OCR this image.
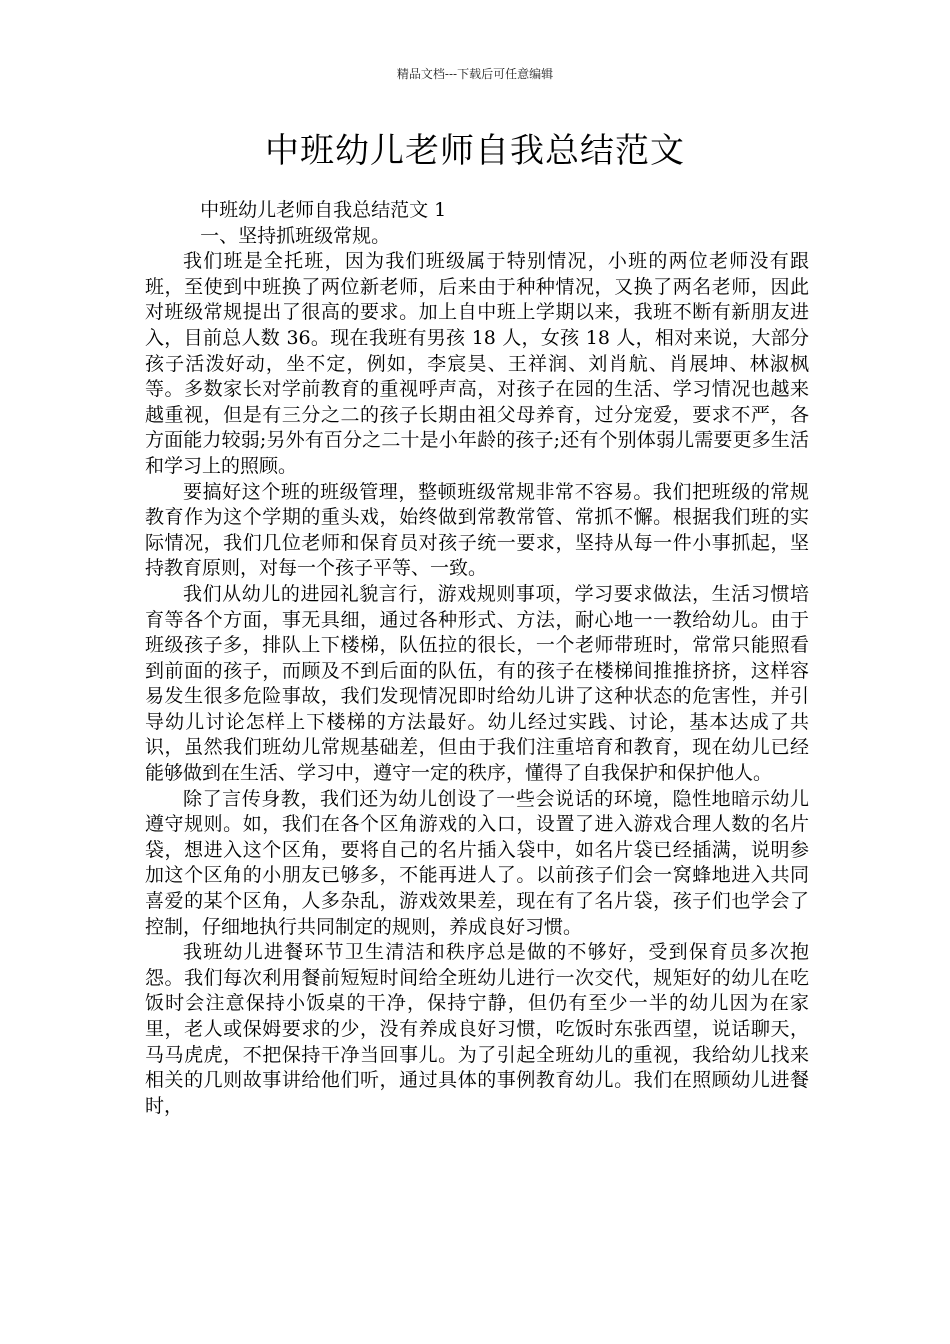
精品文档---下载后可任意编辑
中班幼儿老师自我总结范文

中班幼儿老师自我总结范文 1

一、坚持抓班级常规。

我们班是全托班，因为我们班级属于特别情况，小班的两位老师没有跟班，至使到中班换了两位新老师，后来由于种种情况，又换了两名老师，因此对班级常规提出了很高的要求。加上自中班上学期以来，我班不断有新朋友进入，目前总人数 36。现在我班有男孩 18 人，女孩 18 人，相对来说，大部分孩子活泼好动，坐不定，例如，李宸昊、王祥润、刘肖航、肖展坤、林淑枫等。多数家长对学前教育的重视呼声高，对孩子在园的生活、学习情况也越来越重视，但是有三分之二的孩子长期由祖父母养育，过分宠爱，要求不严，各方面能力较弱;另外有百分之二十是小年龄的孩子;还有个别体弱儿需要更多生活和学习上的照顾。

要搞好这个班的班级管理，整顿班级常规非常不容易。我们把班级的常规教育作为这个学期的重头戏，始终做到常教常管、常抓不懈。根据我们班的实际情况，我们几位老师和保育员对孩子统一要求，坚持从每一件小事抓起，坚持教育原则，对每一个孩子平等、一致。

我们从幼儿的进园礼貌言行，游戏规则事项，学习要求做法，生活习惯培育等各个方面，事无具细，通过各种形式、方法，耐心地一一教给幼儿。由于班级孩子多，排队上下楼梯，队伍拉的很长，一个老师带班时，常常只能照看到前面的孩子，而顾及不到后面的队伍，有的孩子在楼梯间推推挤挤，这样容易发生很多危险事故，我们发现情况即时给幼儿讲了这种状态的危害性，并引导幼儿讨论怎样上下楼梯的方法最好。幼儿经过实践、讨论，基本达成了共识，虽然我们班幼儿常规基础差，但由于我们注重培育和教育，现在幼儿已经能够做到在生活、学习中，遵守一定的秩序，懂得了自我保护和保护他人。

除了言传身教，我们还为幼儿创设了一些会说话的环境，隐性地暗示幼儿遵守规则。如，我们在各个区角游戏的入口，设置了进入游戏合理人数的名片袋，想进入这个区角，要将自己的名片插入袋中，如名片袋已经插满，说明参加这个区角的小朋友已够多，不能再进人了。以前孩子们会一窝蜂地进入共同喜爱的某个区角，人多杂乱，游戏效果差，现在有了名片袋，孩子们也学会了控制，仔细地执行共同制定的规则，养成良好习惯。

我班幼儿进餐环节卫生清洁和秩序总是做的不够好，受到保育员多次抱怨。我们每次利用餐前短短时间给全班幼儿进行一次交代，规矩好的幼儿在吃饭时会注意保持小饭桌的干净，保持宁静，但仍有至少一半的幼儿因为在家里，老人或保姆要求的少，没有养成良好习惯，吃饭时东张西望，说话聊天，马马虎虎，不把保持干净当回事儿。为了引起全班幼儿的重视，我给幼儿找来相关的几则故事讲给他们听，通过具体的事例教育幼儿。我们在照顾幼儿进餐时，
